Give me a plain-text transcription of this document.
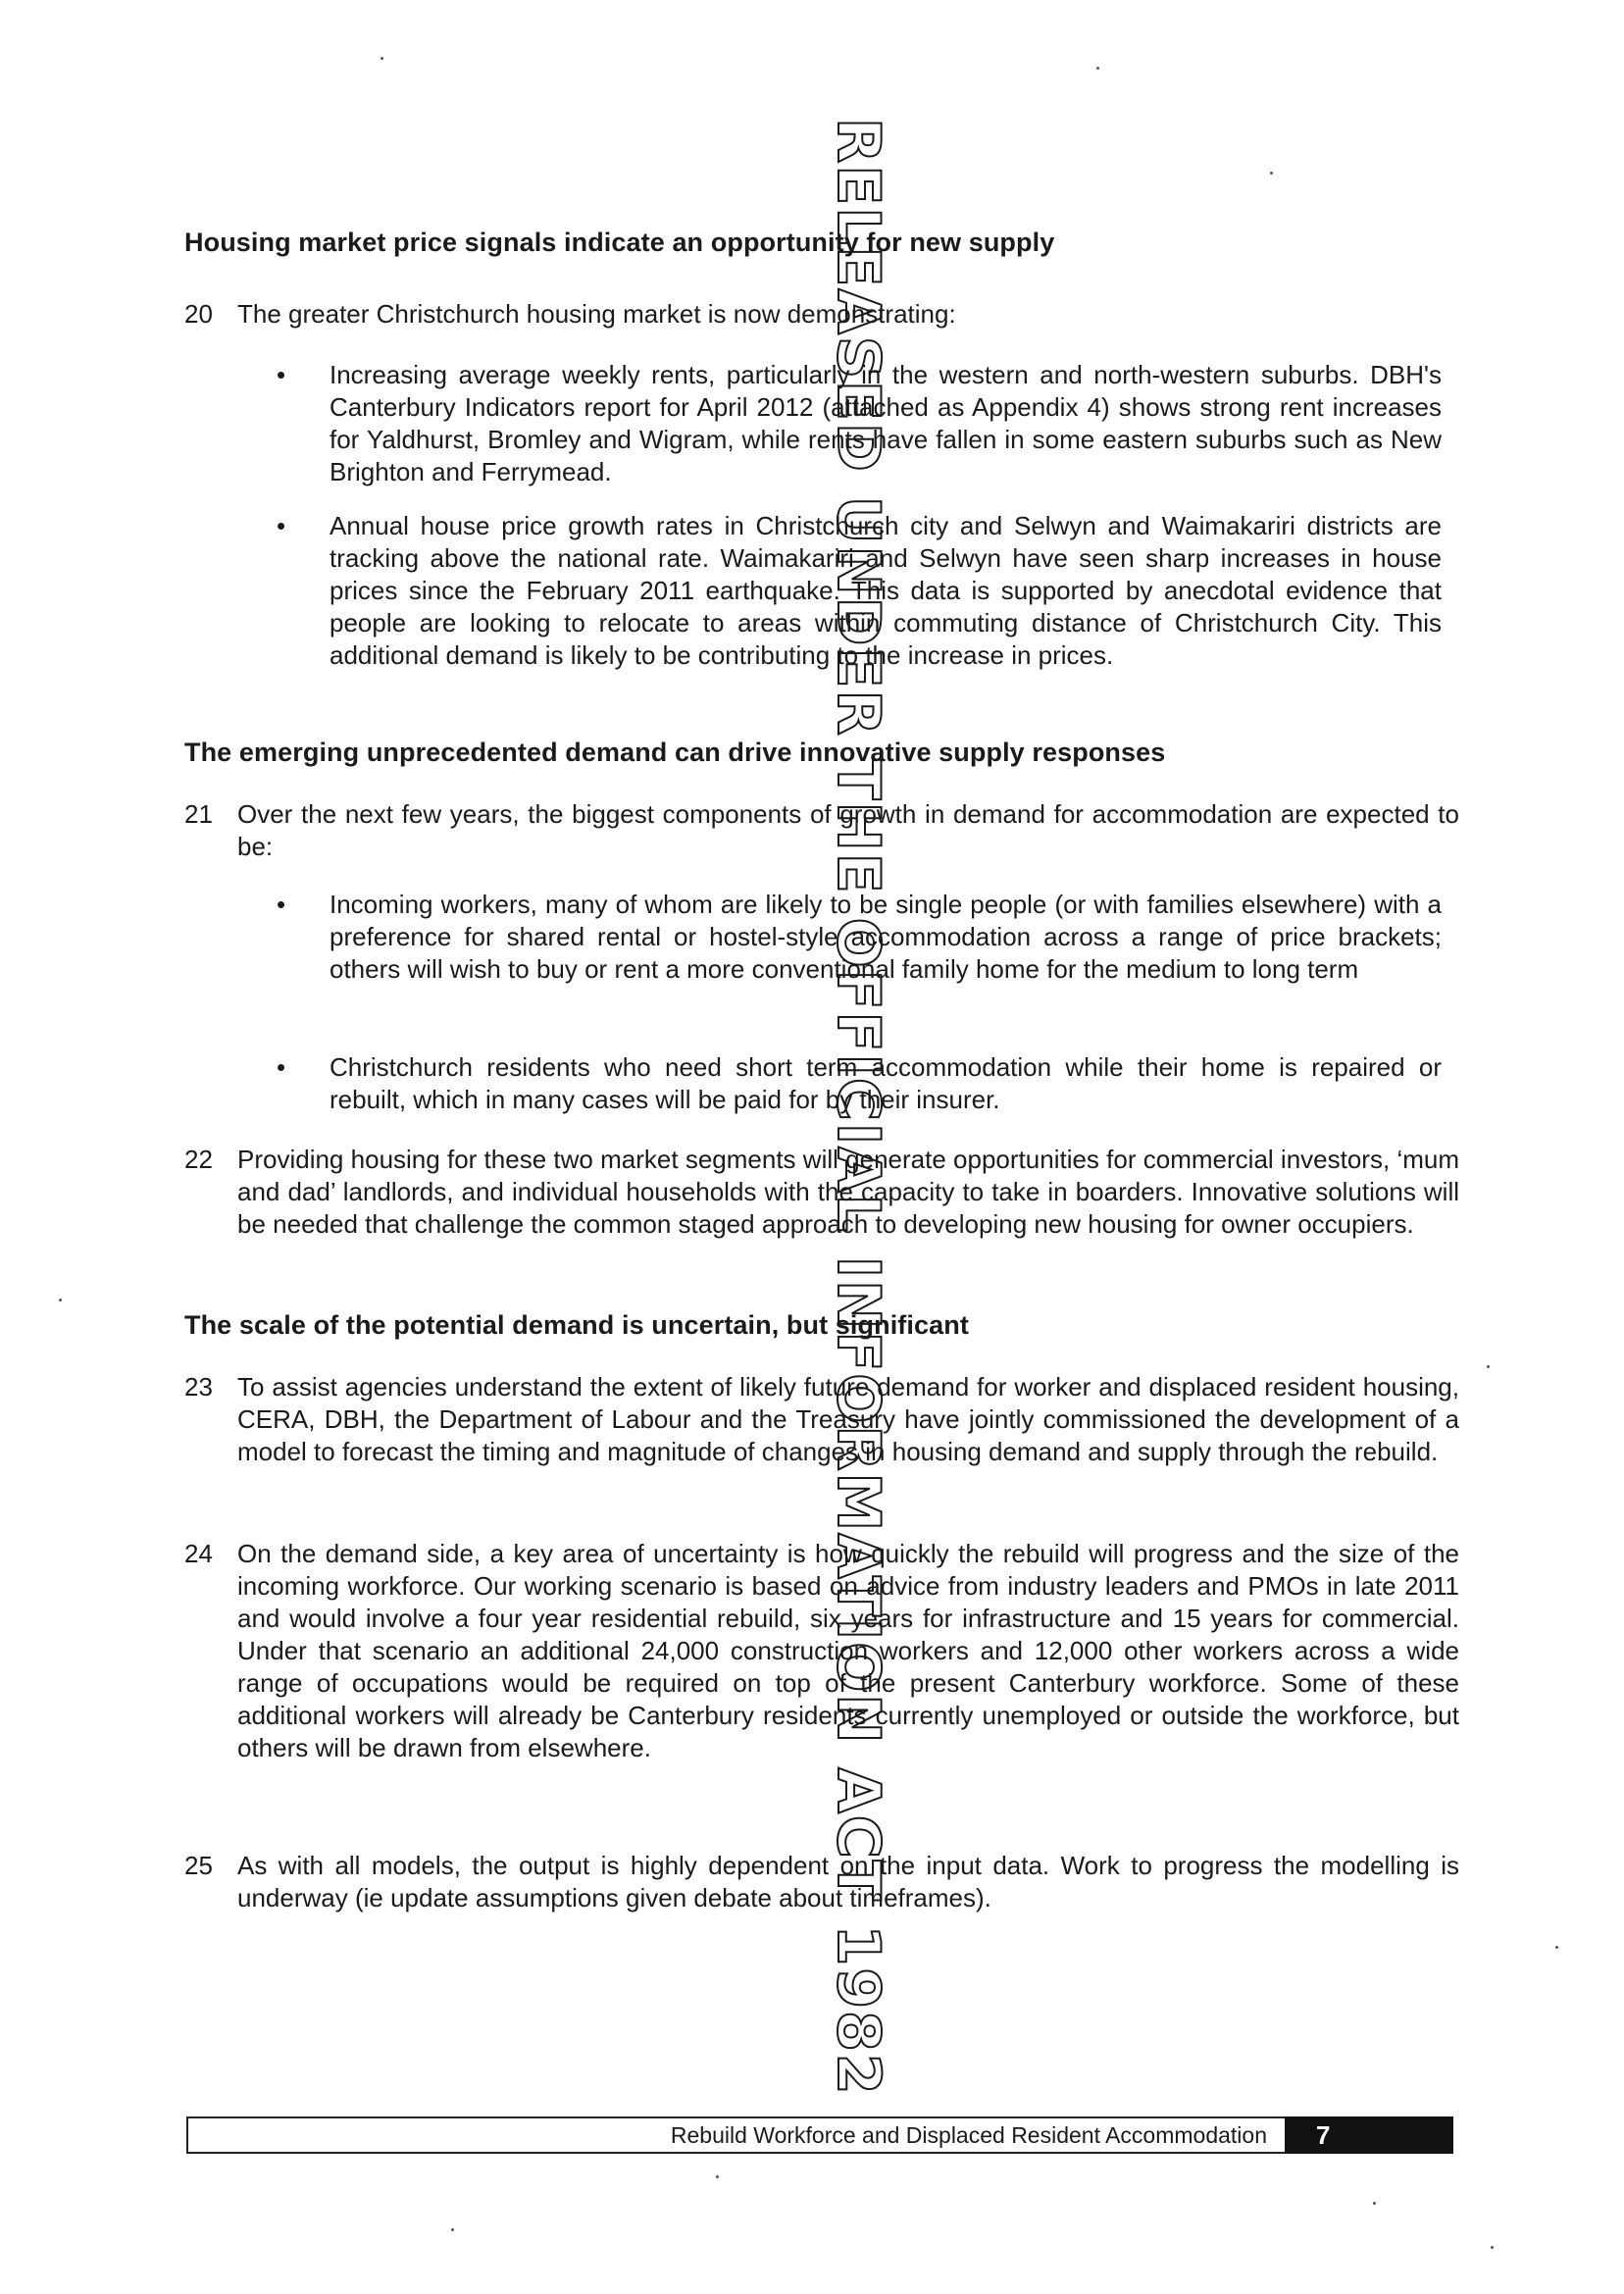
Housing market price signals indicate an opportunity for new supply
20 The greater Christchurch housing market is now demonstrating:
•	Increasing average weekly rents, particularly in the western and north-western suburbs. DBH's Canterbury Indicators report for April 2012 (attached as Appendix 4) shows strong rent increases for Yaldhurst, Bromley and Wigram, while rents have fallen in some eastern suburbs such as New Brighton and Ferrymead.
•	Annual house price growth rates in Christchurch city and Selwyn and Waimakariri districts are tracking above the national rate. Waimakariri and Selwyn have seen sharp increases in house prices since the February 2011 earthquake. This data is supported by anecdotal evidence that people are looking to relocate to areas within commuting distance of Christchurch City. This additional demand is likely to be contributing to the increase in prices.
The emerging unprecedented demand can drive innovative supply responses
21 Over the next few years, the biggest components of growth in demand for accommodation are expected to be:
•	Incoming workers, many of whom are likely to be single people (or with families elsewhere) with a preference for shared rental or hostel-style accommodation across a range of price brackets; others will wish to buy or rent a more conventional family home for the medium to long term
•	Christchurch residents who need short term accommodation while their home is repaired or rebuilt, which in many cases will be paid for by their insurer.
22 Providing housing for these two market segments will generate opportunities for commercial investors, ‘mum and dad’ landlords, and individual households with the capacity to take in boarders. Innovative solutions will be needed that challenge the common staged approach to developing new housing for owner occupiers.
The scale of the potential demand is uncertain, but significant
23 To assist agencies understand the extent of likely future demand for worker and displaced resident housing, CERA, DBH, the Department of Labour and the Treasury have jointly commissioned the development of a model to forecast the timing and magnitude of changes in housing demand and supply through the rebuild.
24 On the demand side, a key area of uncertainty is how quickly the rebuild will progress and the size of the incoming workforce. Our working scenario is based on advice from industry leaders and PMOs in late 2011 and would involve a four year residential rebuild, six years for infrastructure and 15 years for commercial. Under that scenario an additional 24,000 construction workers and 12,000 other workers across a wide range of occupations would be required on top of the present Canterbury workforce. Some of these additional workers will already be Canterbury residents currently unemployed or outside the workforce, but others will be drawn from elsewhere.
25 As with all models, the output is highly dependent on the input data. Work to progress the modelling is underway (ie update assumptions given debate about timeframes).
RELEASED UNDER THE OFFICIAL INFORMATION ACT 1982
Rebuild Workforce and Displaced Resident Accommodation	7
